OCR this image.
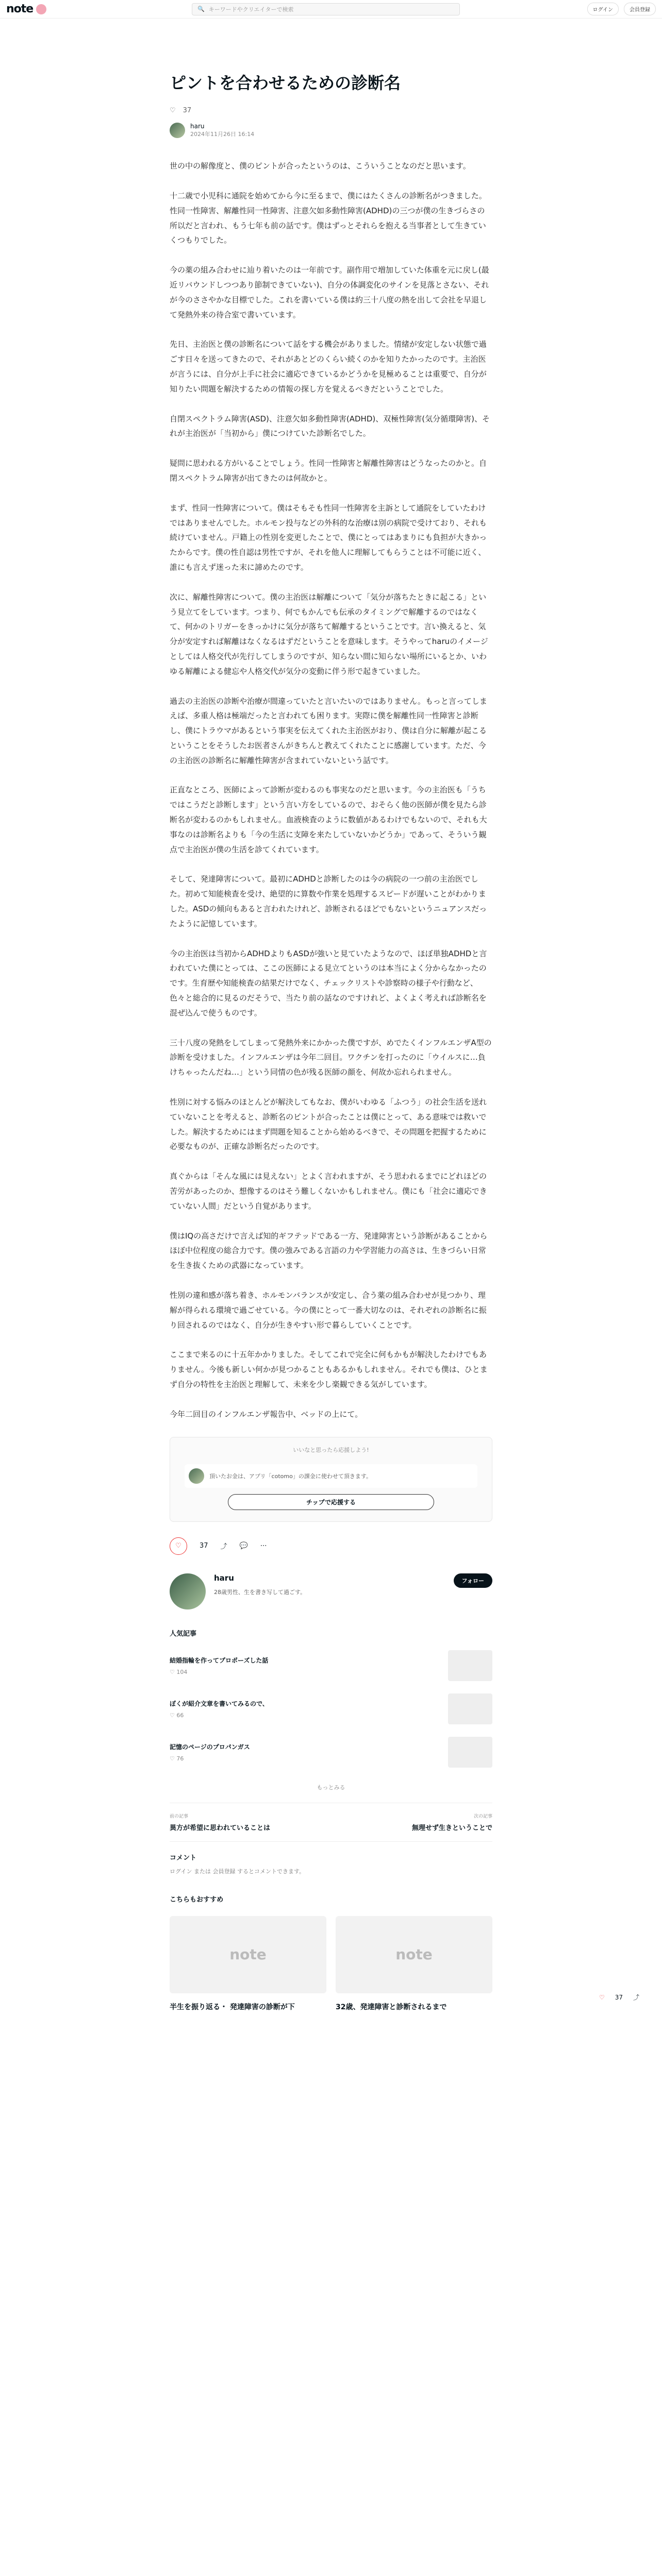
note	🔍 キーワードやクリエイターで検索	ログイン	会員登録
ピントを合わせるための診断名
♡ 37
haru
2024年11月26日 16:14

世の中の解像度と、僕のピントが合ったというのは、こういうことなのだと思います。

十二歳で小児科に通院を始めてから今に至るまで、僕にはたくさんの診断名がつきました。性同一性障害、解離性同一性障害、注意欠如多動性障害(ADHD)の三つが僕の生きづらさの所以だと言われ、もう七年も前の話です。僕はずっとそれらを抱える当事者として生きていくつもりでした。

今の薬の組み合わせに辿り着いたのは一年前です。副作用で増加していた体重を元に戻し(最近リバウンドしつつあり節制できていない)、自分の体調変化のサインを見落とさない、それが今のささやかな目標でした。これを書いている僕は約三十八度の熱を出して会社を早退して発熱外来の待合室で書いています。

先日、主治医と僕の診断名について話をする機会がありました。情緒が安定しない状態で過ごす日々を送ってきたので、それがあとどのくらい続くのかを知りたかったのです。主治医が言うには、自分が上手に社会に適応できているかどうかを見極めることは重要で、自分が知りたい問題を解決するための情報の探し方を覚えるべきだということでした。

自閉スペクトラム障害(ASD)、注意欠如多動性障害(ADHD)、双極性障害(気分循環障害)、それが主治医が「当初から」僕につけていた診断名でした。

疑問に思われる方がいることでしょう。性同一性障害と解離性障害はどうなったのかと。自閉スペクトラム障害が出てきたのは何故かと。

まず、性同一性障害について。僕はそもそも性同一性障害を主訴として通院をしていたわけではありませんでした。ホルモン投与などの外科的な治療は別の病院で受けており、それも続けていません。戸籍上の性別を変更したことで、僕にとってはあまりにも負担が大きかったからです。僕の性自認は男性ですが、それを他人に理解してもらうことは不可能に近く、誰にも言えず迷った末に諦めたのです。

次に、解離性障害について。僕の主治医は解離について「気分が落ちたときに起こる」という見立てをしています。つまり、何でもかんでも伝承のタイミングで解離するのではなくて、何かのトリガーをきっかけに気分が落ちて解離するということです。言い換えると、気分が安定すれば解離はなくなるはずだということを意味します。そうやってharuのイメージとしては人格交代が先行してしまうのですが、知らない間に知らない場所にいるとか、いわゆる解離による健忘や人格交代が気分の変動に伴う形で起きていました。

過去の主治医の診断や治療が間違っていたと言いたいのではありません。もっと言ってしまえば、多重人格は極端だったと言われても困ります。実際に僕を解離性同一性障害と診断し、僕にトラウマがあるという事実を伝えてくれた主治医がおり、僕は自分に解離が起こるということをそうしたお医者さんがきちんと教えてくれたことに感謝しています。ただ、今の主治医の診断名に解離性障害が含まれていないという話です。

正直なところ、医師によって診断が変わるのも事実なのだと思います。今の主治医も「うちではこうだと診断します」という言い方をしているので、おそらく他の医師が僕を見たら診断名が変わるのかもしれません。血液検査のように数値があるわけでもないので、それも大事なのは診断名よりも「今の生活に支障を来たしていないかどうか」であって、そういう観点で主治医が僕の生活を診てくれています。

そして、発達障害について。最初にADHDと診断したのは今の病院の一つ前の主治医でした。初めて知能検査を受け、絶望的に算数や作業を処理するスピードが遅いことがわかりました。ASDの傾向もあると言われたけれど、診断されるほどでもないというニュアンスだったように記憶しています。

今の主治医は当初からADHDよりもASDが強いと見ていたようなので、ほぼ単独ADHDと言われていた僕にとっては、ここの医師による見立てというのは本当によく分からなかったのです。生育歴や知能検査の結果だけでなく、チェックリストや診察時の様子や行動など、色々と総合的に見るのだそうで、当たり前の話なのですけれど、よくよく考えれば診断名を混ぜ込んで使うものです。

三十八度の発熱をしてしまって発熱外来にかかった僕ですが、めでたくインフルエンザA型の診断を受けました。インフルエンザは今年二回目。ワクチンを打ったのに「ウイルスに…負けちゃったんだね…」という同情の色が残る医師の顔を、何故か忘れられません。

性別に対する悩みのほとんどが解決してもなお、僕がいわゆる「ふつう」の社会生活を送れていないことを考えると、診断名のピントが合ったことは僕にとって、ある意味では救いでした。解決するためにはまず問題を知ることから始めるべきで、その問題を把握するために必要なものが、正確な診断名だったのです。

真ぐからは「そんな風には見えない」とよく言われますが、そう思われるまでにどれほどの苦労があったのか、想像するのはそう難しくないかもしれません。僕にも「社会に適応できていない人間」だという自覚があります。

僕はIQの高さだけで言えば知的ギフテッドである一方、発達障害という診断があることからほぼ中位程度の総合力です。僕の強みである言語の力や学習能力の高さは、生きづらい日常を生き抜くための武器になっています。

性別の違和感が落ち着き、ホルモンバランスが安定し、合う薬の組み合わせが見つかり、理解が得られる環境で過ごせている。今の僕にとって一番大切なのは、それぞれの診断名に振り回されるのではなく、自分が生きやすい形で暮らしていくことです。

ここまで来るのに十五年かかりました。そしてこれで完全に何もかもが解決したわけでもありません。今後も新しい何かが見つかることもあるかもしれません。それでも僕は、ひとまず自分の特性を主治医と理解して、未来を少し楽観できる気がしています。

今年二回目のインフルエンザ報告中、ベッドの上にて。

いいなと思ったら応援しよう!
頂いたお金は、アプリ「cotomo」の課金に使わせて頂きます。
チップで応援する
♡	37 ⤴ 💬 ⋯
haru
28歳男性、生を書き写して過ごす。
フォロー
人気記事
結婚指輪を作ってプロポーズした話
♡ 104
ぼくが紹介文章を書いてみるので、
♡ 66
記憶のページのプロパンガス
♡ 76
もっとみる
前の記事
異方が希望に思われていることは
次の記事
無理せず生きということで
コメント
ログイン または 会員登録 するとコメントできます。
こちらもおすすめ
note
半生を振り返る・ 発達障害の診断が下
note
32歳、発達障害と診断されるまで
♡ 37 ⤴
